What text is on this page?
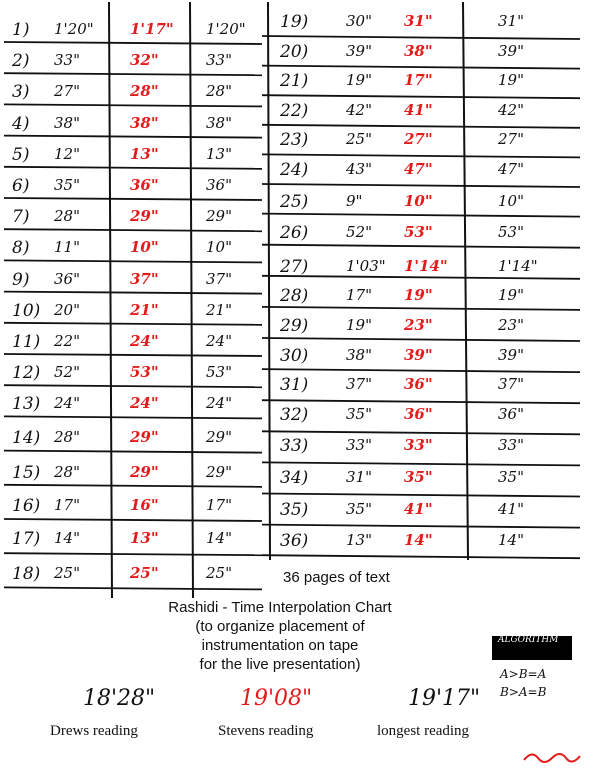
1) 1'20" 1'17" 1'20"
2) 33"	32"	33"
3) 27"	28"	28"
4) 38"	38"	38"
5) 12"	13"	13"
6) 35"	36"	36"
7) 28"	29"	29"
8) 11"	10"	10"
9) 36"	37"	37"
10) 20"	21"	21"
11) 22"	24"	24"
12) 52"	53"	53"
13) 24"	24"	24"
14) 28"	29"	29"
15) 28"	29"	29"
16) 17"	16"	17"
17) 14"	13"	14"
18) 25"	25"	25"
19)	30" 31"	31"
20)	39" 38"	39"
21)	19" 17"	19"
22)	42" 41"	42"
23)	25" 27"	27"
24)	43" 47"	47"
25)	9"	10"	10"
26)	52" 53"	53"
27)	1'03" 1'14"	1'14"
28)	17" 19"	19"
29)	19" 23"	23"
30)	38" 39"	39"
31)	37" 36"	37"
32)	35" 36"	36"
33)	33" 33"	33"
34)	31" 35"	35"
35)	35" 41"	41"
36)	13" 14"	14"
36 pages of text
Rashidi - Time Interpolation Chart
(to organize placement of
instrumentation on tape
for the live presentation)
ALGORITHM
A>B=A
B>A=B
18'28"	19'08"	19'17"
Drews reading	Stevens reading	longest reading
